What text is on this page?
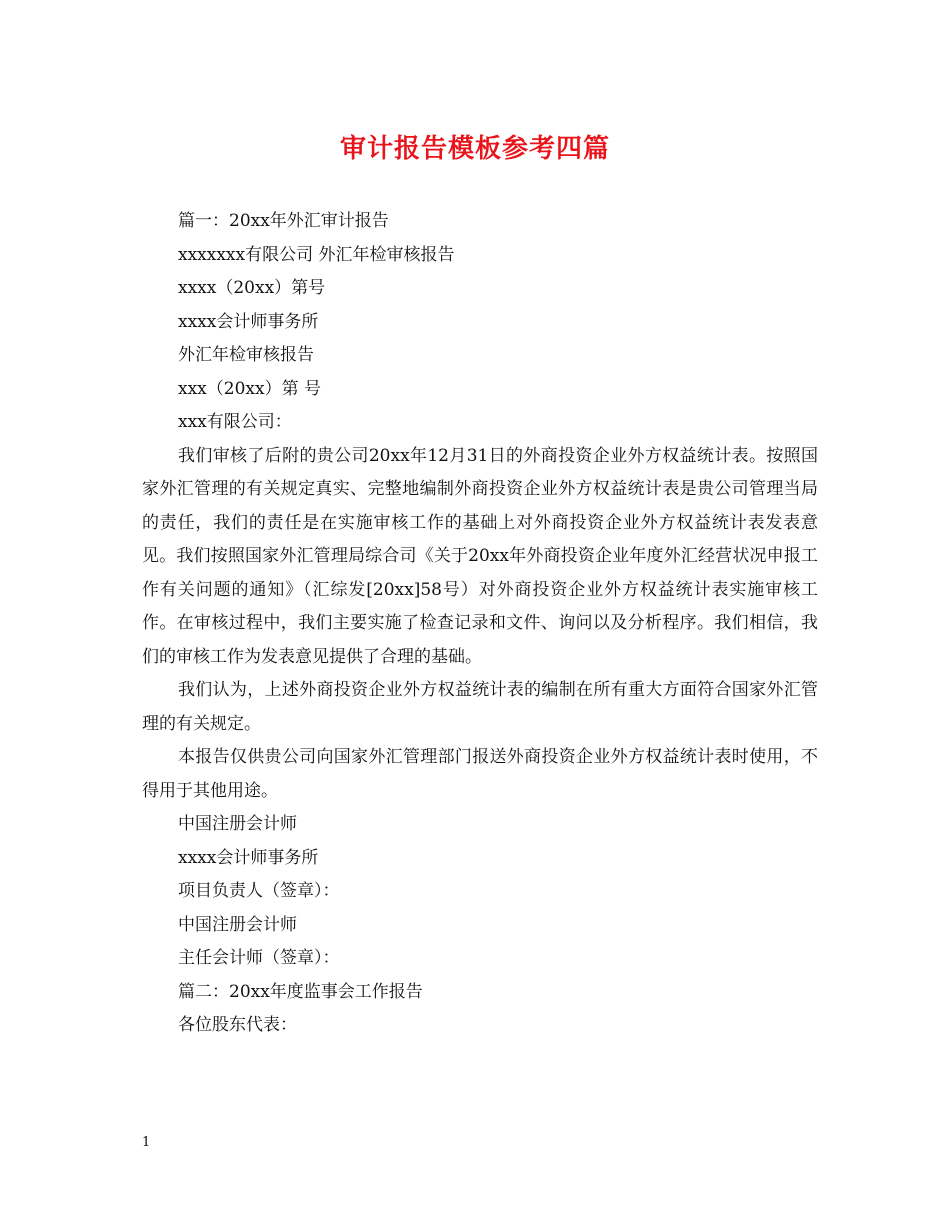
审计报告模板参考四篇
篇一：20xx年外汇审计报告
xxxxxxx有限公司 外汇年检审核报告
xxxx（20xx）第号
xxxx会计师事务所
外汇年检审核报告
xxx（20xx）第 号
xxx有限公司：
我们审核了后附的贵公司20xx年12月31日的外商投资企业外方权益统计表。按照国家外汇管理的有关规定真实、完整地编制外商投资企业外方权益统计表是贵公司管理当局的责任，我们的责任是在实施审核工作的基础上对外商投资企业外方权益统计表发表意见。我们按照国家外汇管理局综合司《关于20xx年外商投资企业年度外汇经营状况申报工作有关问题的通知》（汇综发[20xx]58号）对外商投资企业外方权益统计表实施审核工作。在审核过程中，我们主要实施了检查记录和文件、询问以及分析程序。我们相信，我们的审核工作为发表意见提供了合理的基础。
我们认为，上述外商投资企业外方权益统计表的编制在所有重大方面符合国家外汇管理的有关规定。
本报告仅供贵公司向国家外汇管理部门报送外商投资企业外方权益统计表时使用，不得用于其他用途。
中国注册会计师
xxxx会计师事务所
项目负责人（签章）：
中国注册会计师
主任会计师（签章）：
篇二：20xx年度监事会工作报告
各位股东代表：
1
